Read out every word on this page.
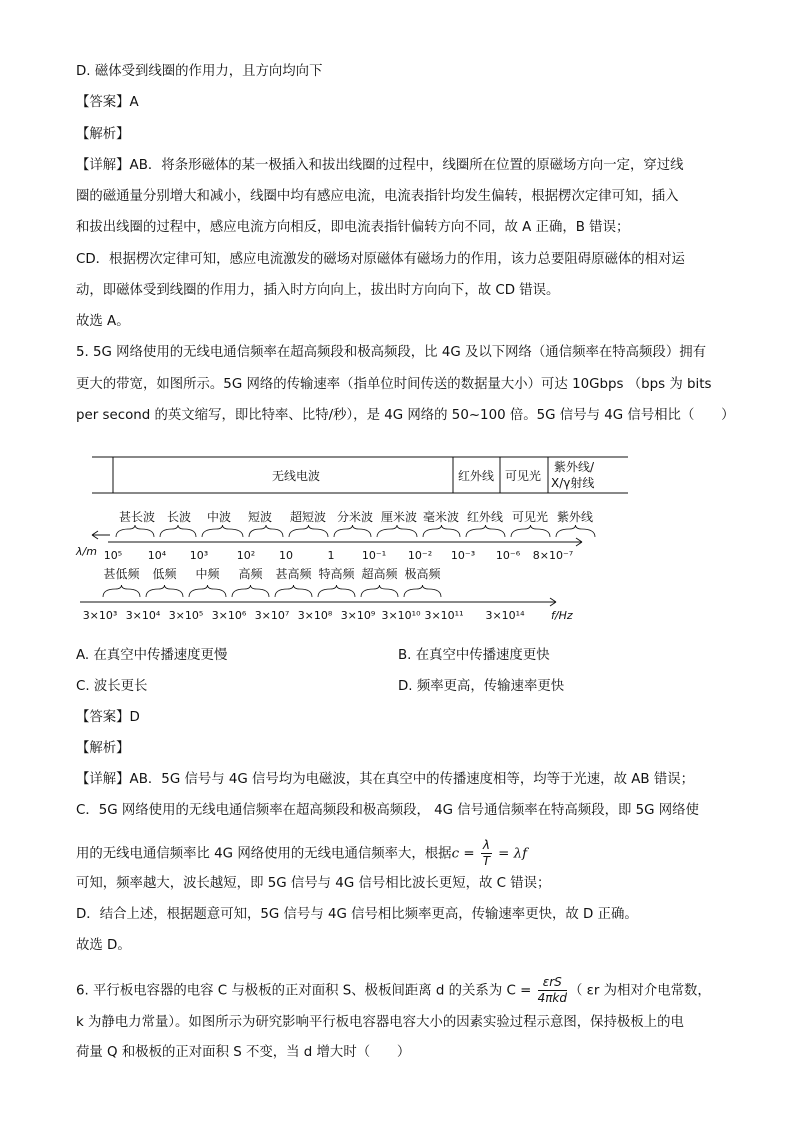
D. 磁体受到线圈的作用力，且方向均向下
【答案】A
【解析】
【详解】AB．将条形磁体的某一极插入和拔出线圈的过程中，线圈所在位置的原磁场方向一定，穿过线
圈的磁通量分别增大和减小，线圈中均有感应电流，电流表指针均发生偏转，根据楞次定律可知，插入
和拔出线圈的过程中，感应电流方向相反，即电流表指针偏转方向不同，故 A 正确，B 错误；
CD．根据楞次定律可知，感应电流激发的磁场对原磁体有磁场力的作用，该力总要阻碍原磁体的相对运
动，即磁体受到线圈的作用力，插入时方向向上，拔出时方向向下，故 CD 错误。
故选 A。
5. 5G 网络使用的无线电通信频率在超高频段和极高频段，比 4G 及以下网络（通信频率在特高频段）拥有
更大的带宽，如图所示。5G 网络的传输速率（指单位时间传送的数据量大小）可达 10Gbps （bps 为 bits
per second 的英文缩写，即比特率、比特/秒），是 4G 网络的 50~100 倍。5G 信号与 4G 信号相比（　　）
无线电波	红外线 可见光
紫外线/
X/γ射线
甚长波 长波 中波 短波 超短波 分米波 厘米波 毫米波 红外线 可见光 紫外线
λ/m 10⁵ 10⁴ 10³	10² 10	1 10⁻¹ 10⁻² 10⁻³ 10⁻⁶ 8×10⁻⁷
甚低频 低频 中频 高频 甚高频 特高频 超高频 极高频
f/Hz
3×10³ 3×10⁴ 3×10⁵ 3×10⁶ 3×10⁷ 3×10⁸ 3×10⁹ 3×10¹⁰ 3×10¹¹ 3×10¹⁴
A. 在真空中传播速度更慢	B. 在真空中传播速度更快
C. 波长更长	D. 频率更高，传输速率更快
【答案】D
【解析】
【详解】AB．5G 信号与 4G 信号均为电磁波，其在真空中的传播速度相等，均等于光速，故 AB 错误；
C．5G 网络使用的无线电通信频率在超高频段和极高频段， 4G 信号通信频率在特高频段，即 5G 网络使
用的无线电通信频率比 4G 网络使用的无线电通信频率大，根据$c = \frac{\lambda}{T} = \lambda f$
可知，频率越大，波长越短，即 5G 信号与 4G 信号相比波长更短，故 C 错误；
D．结合上述，根据题意可知，5G 信号与 4G 信号相比频率更高，传输速率更快，故 D 正确。
故选 D。
6. 平行板电容器的电容 C 与极板的正对面积 S、极板间距离 d 的关系为 $C = \frac{\text{εrS}}{\text{4πkd}}$ （ εr 为相对介电常数，
k 为静电力常量）。如图所示为研究影响平行板电容器电容大小的因素实验过程示意图，保持极板上的电
荷量 Q 和极板的正对面积 S 不变，当 d 增大时（　　）
